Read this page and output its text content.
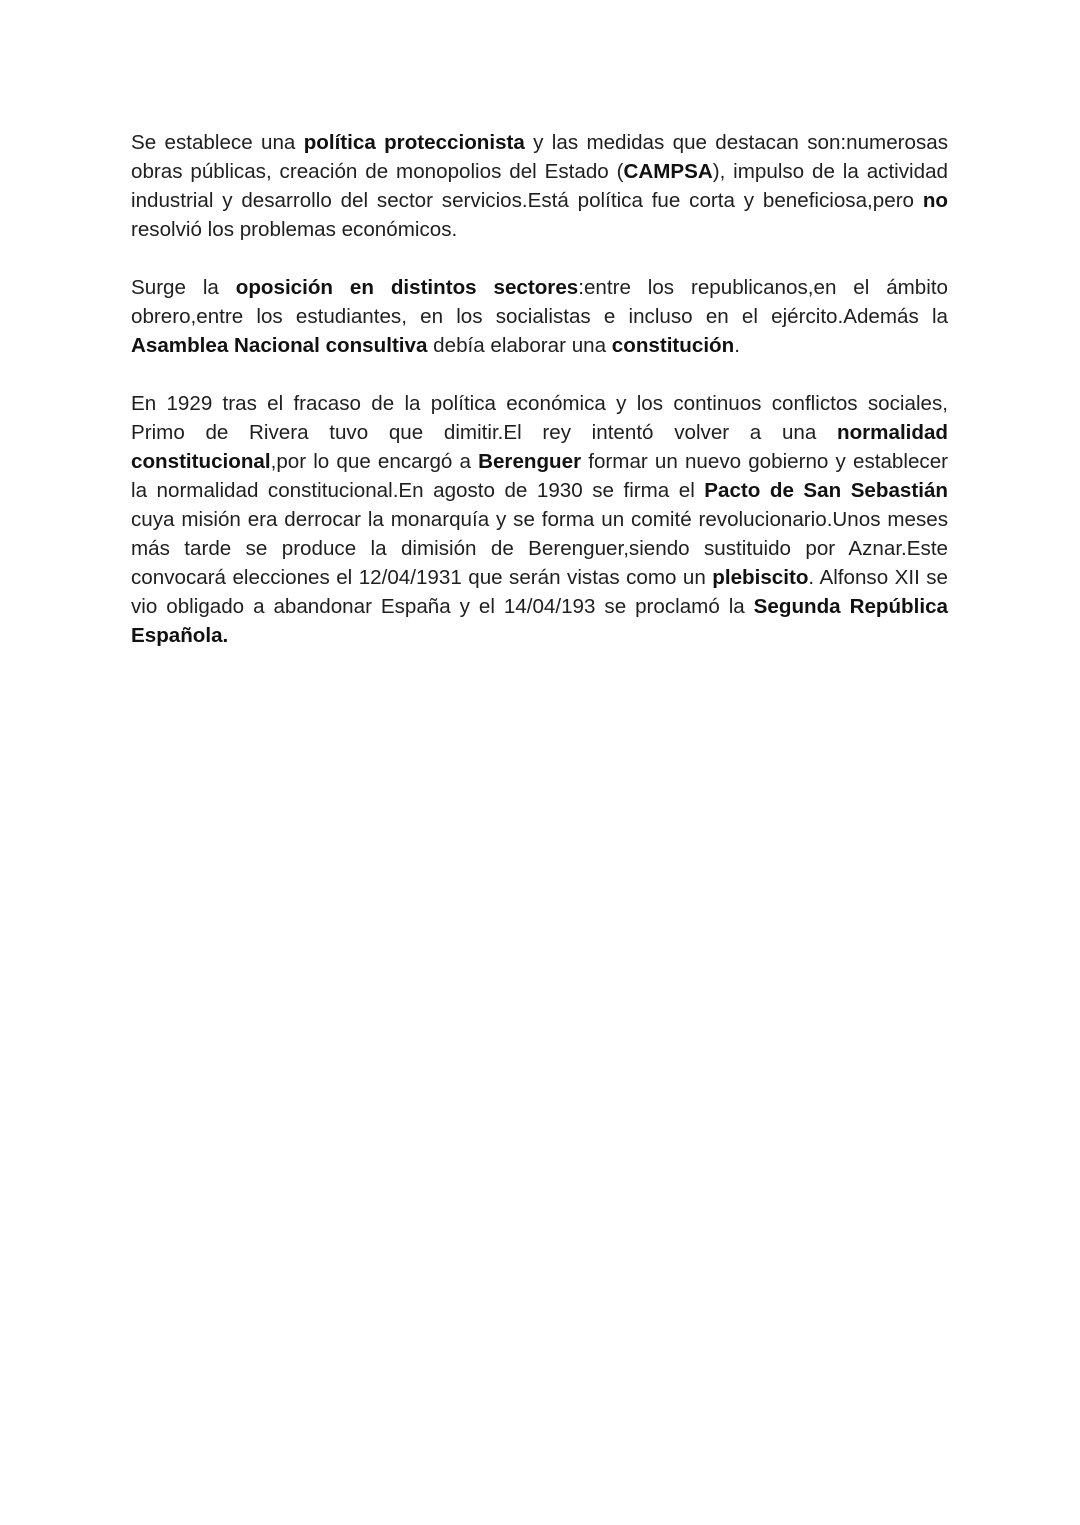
Se establece una política proteccionista y las medidas que destacan son:numerosas obras públicas, creación de monopolios del Estado (CAMPSA), impulso de la actividad industrial y desarrollo del sector servicios.Está política fue corta y beneficiosa,pero no resolvió los problemas económicos.

Surge la oposición en distintos sectores:entre los republicanos,en el ámbito obrero,entre los estudiantes, en los socialistas e incluso en el ejército.Además la Asamblea Nacional consultiva debía elaborar una constitución.

En 1929 tras el fracaso de la política económica y los continuos conflictos sociales, Primo de Rivera tuvo que dimitir.El rey intentó volver a una normalidad constitucional,por lo que encargó a Berenguer formar un nuevo gobierno y establecer la normalidad constitucional.En agosto de 1930 se firma el Pacto de San Sebastián cuya misión era derrocar la monarquía y se forma un comité revolucionario.Unos meses más tarde se produce la dimisión de Berenguer,siendo sustituido por Aznar.Este convocará elecciones el 12/04/1931 que serán vistas como un plebiscito. Alfonso XII se vio obligado a abandonar España y el 14/04/193 se proclamó la Segunda República Española.
